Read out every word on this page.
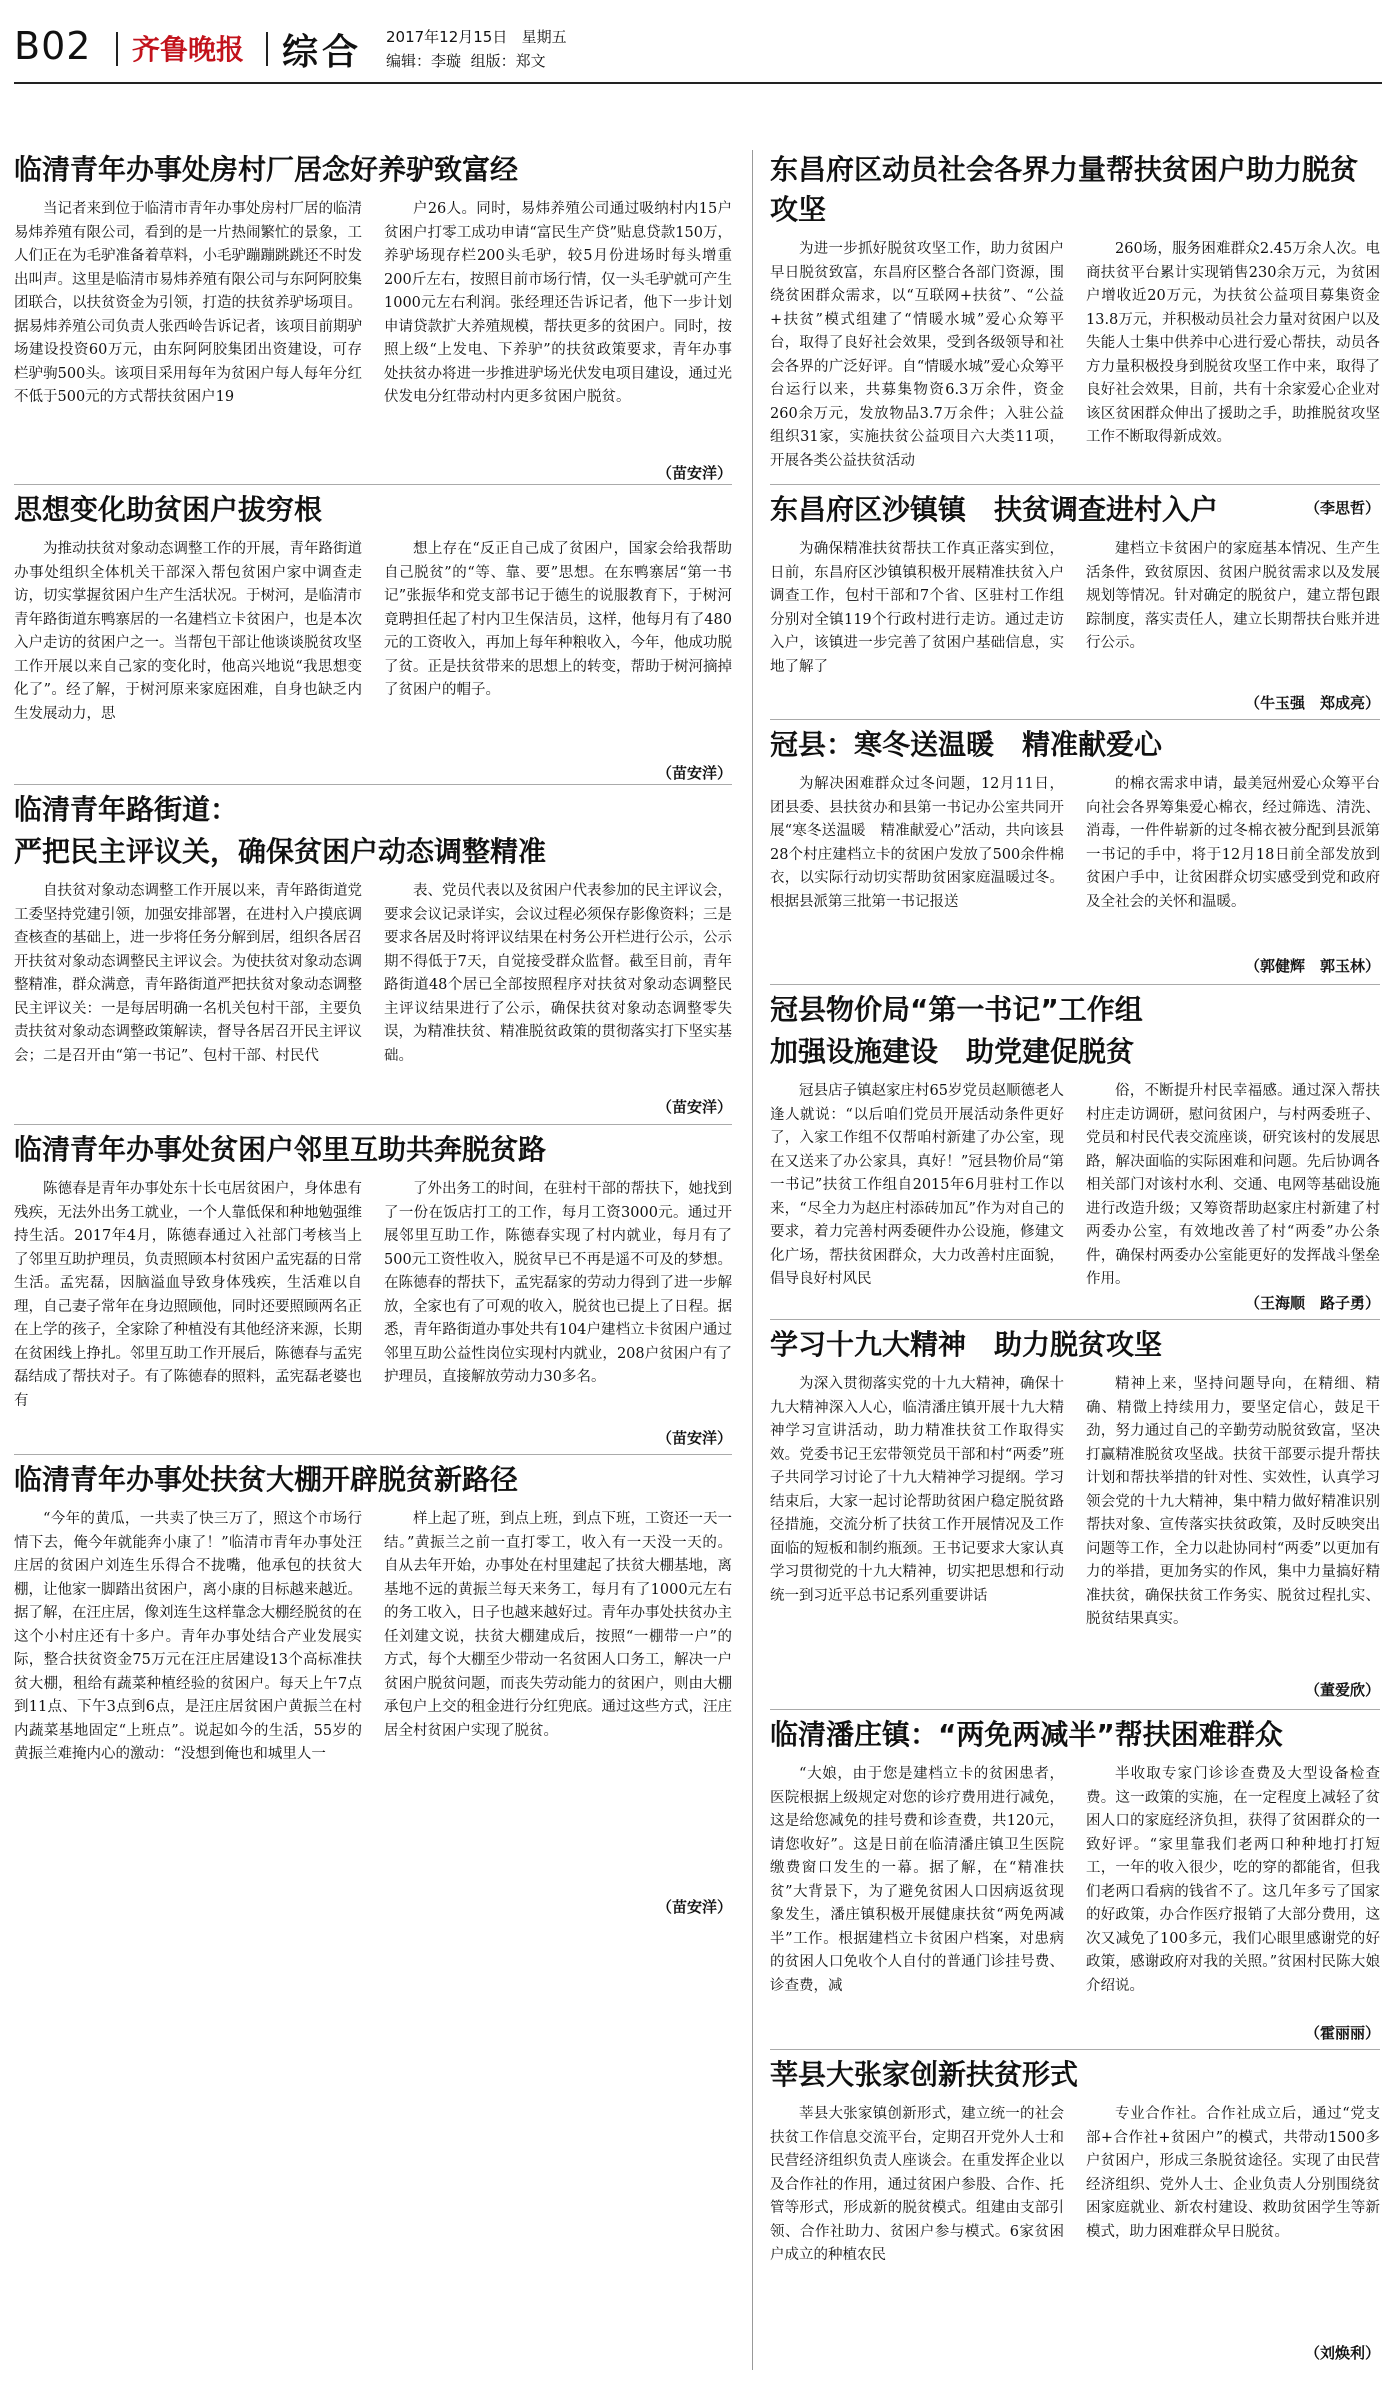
B02 齐鲁晚报 综合 2017年12月15日 星期五
编辑：李璇 组版：郑文
临清青年办事处房村厂居念好养驴致富经
当记者来到位于临清市青年办事处房村厂居的临清易炜养殖有限公司，看到的是一片热闹繁忙的景象，工人们正在为毛驴准备着草料，小毛驴蹦蹦跳跳还不时发出叫声。这里是临清市易炜养殖有限公司与东阿阿胶集团联合，以扶贫资金为引领，打造的扶贫养驴场项目。据易炜养殖公司负责人张西岭告诉记者，该项目前期驴场建设投资60万元，由东阿阿胶集团出资建设，可存栏驴驹500头。该项目采用每年为贫困户每人每年分红不低于500元的方式帮扶贫困户19
户26人。同时，易炜养殖公司通过吸纳村内15户贫困户打零工成功申请“富民生产贷”贴息贷款150万，养驴场现存栏200头毛驴，较5月份进场时每头增重200斤左右，按照目前市场行情，仅一头毛驴就可产生1000元左右利润。张经理还告诉记者，他下一步计划申请贷款扩大养殖规模，帮扶更多的贫困户。同时，按照上级“上发电、下养驴”的扶贫政策要求，青年办事处扶贫办将进一步推进驴场光伏发电项目建设，通过光伏发电分红带动村内更多贫困户脱贫。
（苗安洋）
思想变化助贫困户拔穷根
为推动扶贫对象动态调整工作的开展，青年路街道办事处组织全体机关干部深入帮包贫困户家中调查走访，切实掌握贫困户生产生活状况。于树河，是临清市青年路街道东鸭寨居的一名建档立卡贫困户，也是本次入户走访的贫困户之一。当帮包干部让他谈谈脱贫攻坚工作开展以来自己家的变化时，他高兴地说“我思想变化了”。经了解，于树河原来家庭困难，自身也缺乏内生发展动力，思
想上存在“反正自己成了贫困户，国家会给我帮助自己脱贫”的“等、靠、要”思想。在东鸭寨居“第一书记”张振华和党支部书记于德生的说服教育下，于树河竟聘担任起了村内卫生保洁员，这样，他每月有了480元的工资收入，再加上每年种粮收入，今年，他成功脱了贫。正是扶贫带来的思想上的转变，帮助于树河摘掉了贫困户的帽子。
（苗安洋）
临清青年路街道：
严把民主评议关，确保贫困户动态调整精准
自扶贫对象动态调整工作开展以来，青年路街道党工委坚持党建引领，加强安排部署，在进村入户摸底调查核查的基础上，进一步将任务分解到居，组织各居召开扶贫对象动态调整民主评议会。为使扶贫对象动态调整精准，群众满意，青年路街道严把扶贫对象动态调整民主评议关：一是每居明确一名机关包村干部，主要负责扶贫对象动态调整政策解读，督导各居召开民主评议会；二是召开由“第一书记”、包村干部、村民代
表、党员代表以及贫困户代表参加的民主评议会，要求会议记录详实，会议过程必须保存影像资料；三是要求各居及时将评议结果在村务公开栏进行公示，公示期不得低于7天，自觉接受群众监督。截至目前，青年路街道48个居已全部按照程序对扶贫对象动态调整民主评议结果进行了公示，确保扶贫对象动态调整零失误，为精准扶贫、精准脱贫政策的贯彻落实打下坚实基础。
（苗安洋）
临清青年办事处贫困户邻里互助共奔脱贫路
陈德春是青年办事处东十长屯居贫困户，身体患有残疾，无法外出务工就业，一个人靠低保和种地勉强维持生活。2017年4月，陈德春通过入社部门考核当上了邻里互助护理员，负责照顾本村贫困户孟宪磊的日常生活。孟宪磊，因脑溢血导致身体残疾，生活难以自理，自己妻子常年在身边照顾他，同时还要照顾两名正在上学的孩子，全家除了种植没有其他经济来源，长期在贫困线上挣扎。邻里互助工作开展后，陈德春与孟宪磊结成了帮扶对子。有了陈德春的照料，孟宪磊老婆也有
了外出务工的时间，在驻村干部的帮扶下，她找到了一份在饭店打工的工作，每月工资3000元。通过开展邻里互助工作，陈德春实现了村内就业，每月有了500元工资性收入，脱贫早已不再是遥不可及的梦想。在陈德春的帮扶下，孟宪磊家的劳动力得到了进一步解放，全家也有了可观的收入，脱贫也已提上了日程。据悉，青年路街道办事处共有104户建档立卡贫困户通过邻里互助公益性岗位实现村内就业，208户贫困户有了护理员，直接解放劳动力30多名。
（苗安洋）
临清青年办事处扶贫大棚开辟脱贫新路径
“今年的黄瓜，一共卖了快三万了，照这个市场行情下去，俺今年就能奔小康了！”临清市青年办事处汪庄居的贫困户刘连生乐得合不拢嘴，他承包的扶贫大棚，让他家一脚踏出贫困户，离小康的目标越来越近。据了解，在汪庄居，像刘连生这样靠念大棚经脱贫的在这个小村庄还有十多户。青年办事处结合产业发展实际，整合扶贫资金75万元在汪庄居建设13个高标准扶贫大棚，租给有蔬菜种植经验的贫困户。每天上午7点到11点、下午3点到6点，是汪庄居贫困户黄振兰在村内蔬菜基地固定“上班点”。说起如今的生活，55岁的黄振兰难掩内心的激动：“没想到俺也和城里人一
样上起了班，到点上班，到点下班，工资还一天一结。”黄振兰之前一直打零工，收入有一天没一天的。自从去年开始，办事处在村里建起了扶贫大棚基地，离基地不远的黄振兰每天来务工，每月有了1000元左右的务工收入，日子也越来越好过。青年办事处扶贫办主任刘建文说，扶贫大棚建成后，按照“一棚带一户”的方式，每个大棚至少带动一名贫困人口务工，解决一户贫困户脱贫问题，而丧失劳动能力的贫困户，则由大棚承包户上交的租金进行分红兜底。通过这些方式，汪庄居全村贫困户实现了脱贫。
（苗安洋）
东昌府区动员社会各界力量帮扶贫困户助力脱贫攻坚
为进一步抓好脱贫攻坚工作，助力贫困户早日脱贫致富，东昌府区整合各部门资源，围绕贫困群众需求，以“互联网+扶贫”、“公益+扶贫”模式组建了“情暖水城”爱心众筹平台，取得了良好社会效果，受到各级领导和社会各界的广泛好评。自“情暖水城”爱心众筹平台运行以来，共募集物资6.3万余件，资金260余万元，发放物品3.7万余件；入驻公益组织31家，实施扶贫公益项目六大类11项，开展各类公益扶贫活动
260场，服务困难群众2.45万余人次。电商扶贫平台累计实现销售230余万元，为贫困户增收近20万元，为扶贫公益项目募集资金13.8万元，并积极动员社会力量对贫困户以及失能人士集中供养中心进行爱心帮扶，动员各方力量积极投身到脱贫攻坚工作中来，取得了良好社会效果，目前，共有十余家爱心企业对该区贫困群众伸出了援助之手，助推脱贫攻坚工作不断取得新成效。
（李思哲）
东昌府区沙镇镇　扶贫调查进村入户
为确保精准扶贫帮扶工作真正落实到位，日前，东昌府区沙镇镇积极开展精准扶贫入户调查工作，包村干部和7个省、区驻村工作组分别对全镇119个行政村进行走访。通过走访入户，该镇进一步完善了贫困户基础信息，实地了解了
建档立卡贫困户的家庭基本情况、生产生活条件，致贫原因、贫困户脱贫需求以及发展规划等情况。针对确定的脱贫户，建立帮包跟踪制度，落实责任人，建立长期帮扶台账并进行公示。
（牛玉强　郑成亮）
冠县：寒冬送温暖　精准献爱心
为解决困难群众过冬问题，12月11日，团县委、县扶贫办和县第一书记办公室共同开展“寒冬送温暖　精准献爱心”活动，共向该县28个村庄建档立卡的贫困户发放了500余件棉衣，以实际行动切实帮助贫困家庭温暖过冬。根据县派第三批第一书记报送
的棉衣需求申请，最美冠州爱心众筹平台向社会各界筹集爱心棉衣，经过筛选、清洗、消毒，一件件崭新的过冬棉衣被分配到县派第一书记的手中，将于12月18日前全部发放到贫困户手中，让贫困群众切实感受到党和政府及全社会的关怀和温暖。
（郭健辉　郭玉林）
冠县物价局“第一书记”工作组
加强设施建设　助党建促脱贫
冠县店子镇赵家庄村65岁党员赵顺德老人逢人就说：“以后咱们党员开展活动条件更好了，入家工作组不仅帮咱村新建了办公室，现在又送来了办公家具，真好！”冠县物价局“第一书记”扶贫工作组自2015年6月驻村工作以来，“尽全力为赵庄村添砖加瓦”作为对自己的要求，着力完善村两委硬件办公设施，修建文化广场，帮扶贫困群众，大力改善村庄面貌，倡导良好村风民
俗，不断提升村民幸福感。通过深入帮扶村庄走访调研，慰问贫困户，与村两委班子、党员和村民代表交流座谈，研究该村的发展思路，解决面临的实际困难和问题。先后协调各相关部门对该村水利、交通、电网等基础设施进行改造升级；又筹资帮助赵家庄村新建了村两委办公室，有效地改善了村“两委”办公条件，确保村两委办公室能更好的发挥战斗堡垒作用。
（王海顺　路子勇）
学习十九大精神　助力脱贫攻坚
为深入贯彻落实党的十九大精神，确保十九大精神深入人心，临清潘庄镇开展十九大精神学习宣讲活动，助力精准扶贫工作取得实效。党委书记王宏带领党员干部和村“两委”班子共同学习讨论了十九大精神学习提纲。学习结束后，大家一起讨论帮助贫困户稳定脱贫路径措施，交流分析了扶贫工作开展情况及工作面临的短板和制约瓶颈。王书记要求大家认真学习贯彻党的十九大精神，切实把思想和行动统一到习近平总书记系列重要讲话
精神上来，坚持问题导向，在精细、精确、精微上持续用力，要坚定信心，鼓足干劲，努力通过自己的辛勤劳动脱贫致富，坚决打赢精准脱贫攻坚战。扶贫干部要示提升帮扶计划和帮扶举措的针对性、实效性，认真学习领会党的十九大精神，集中精力做好精准识别帮扶对象、宣传落实扶贫政策，及时反映突出问题等工作，全力以赴协同村“两委”以更加有力的举措，更加务实的作风，集中力量搞好精准扶贫，确保扶贫工作务实、脱贫过程扎实、脱贫结果真实。
（董爱欣）
临清潘庄镇：“两免两减半”帮扶困难群众
“大娘，由于您是建档立卡的贫困患者，医院根据上级规定对您的诊疗费用进行减免，这是给您减免的挂号费和诊查费，共120元，请您收好”。这是日前在临清潘庄镇卫生医院缴费窗口发生的一幕。据了解，在“精准扶贫”大背景下，为了避免贫困人口因病返贫现象发生，潘庄镇积极开展健康扶贫“两免两减半”工作。根据建档立卡贫困户档案，对患病的贫困人口免收个人自付的普通门诊挂号费、诊查费，减
半收取专家门诊诊查费及大型设备检查费。这一政策的实施，在一定程度上减轻了贫困人口的家庭经济负担，获得了贫困群众的一致好评。“家里靠我们老两口种种地打打短工，一年的收入很少，吃的穿的都能省，但我们老两口看病的钱省不了。这几年多亏了国家的好政策，办合作医疗报销了大部分费用，这次又减免了100多元，我们心眼里感谢党的好政策，感谢政府对我的关照。”贫困村民陈大娘介绍说。
（霍丽丽）
莘县大张家创新扶贫形式
莘县大张家镇创新形式，建立统一的社会扶贫工作信息交流平台，定期召开党外人士和民营经济组织负责人座谈会。在重发挥企业以及合作社的作用，通过贫困户参股、合作、托管等形式，形成新的脱贫模式。组建由支部引领、合作社助力、贫困户参与模式。6家贫困户成立的种植农民
专业合作社。合作社成立后，通过“党支部+合作社+贫困户”的模式，共带动1500多户贫困户，形成三条脱贫途径。实现了由民营经济组织、党外人士、企业负责人分别围绕贫困家庭就业、新农村建设、救助贫困学生等新模式，助力困难群众早日脱贫。
（刘焕利）
